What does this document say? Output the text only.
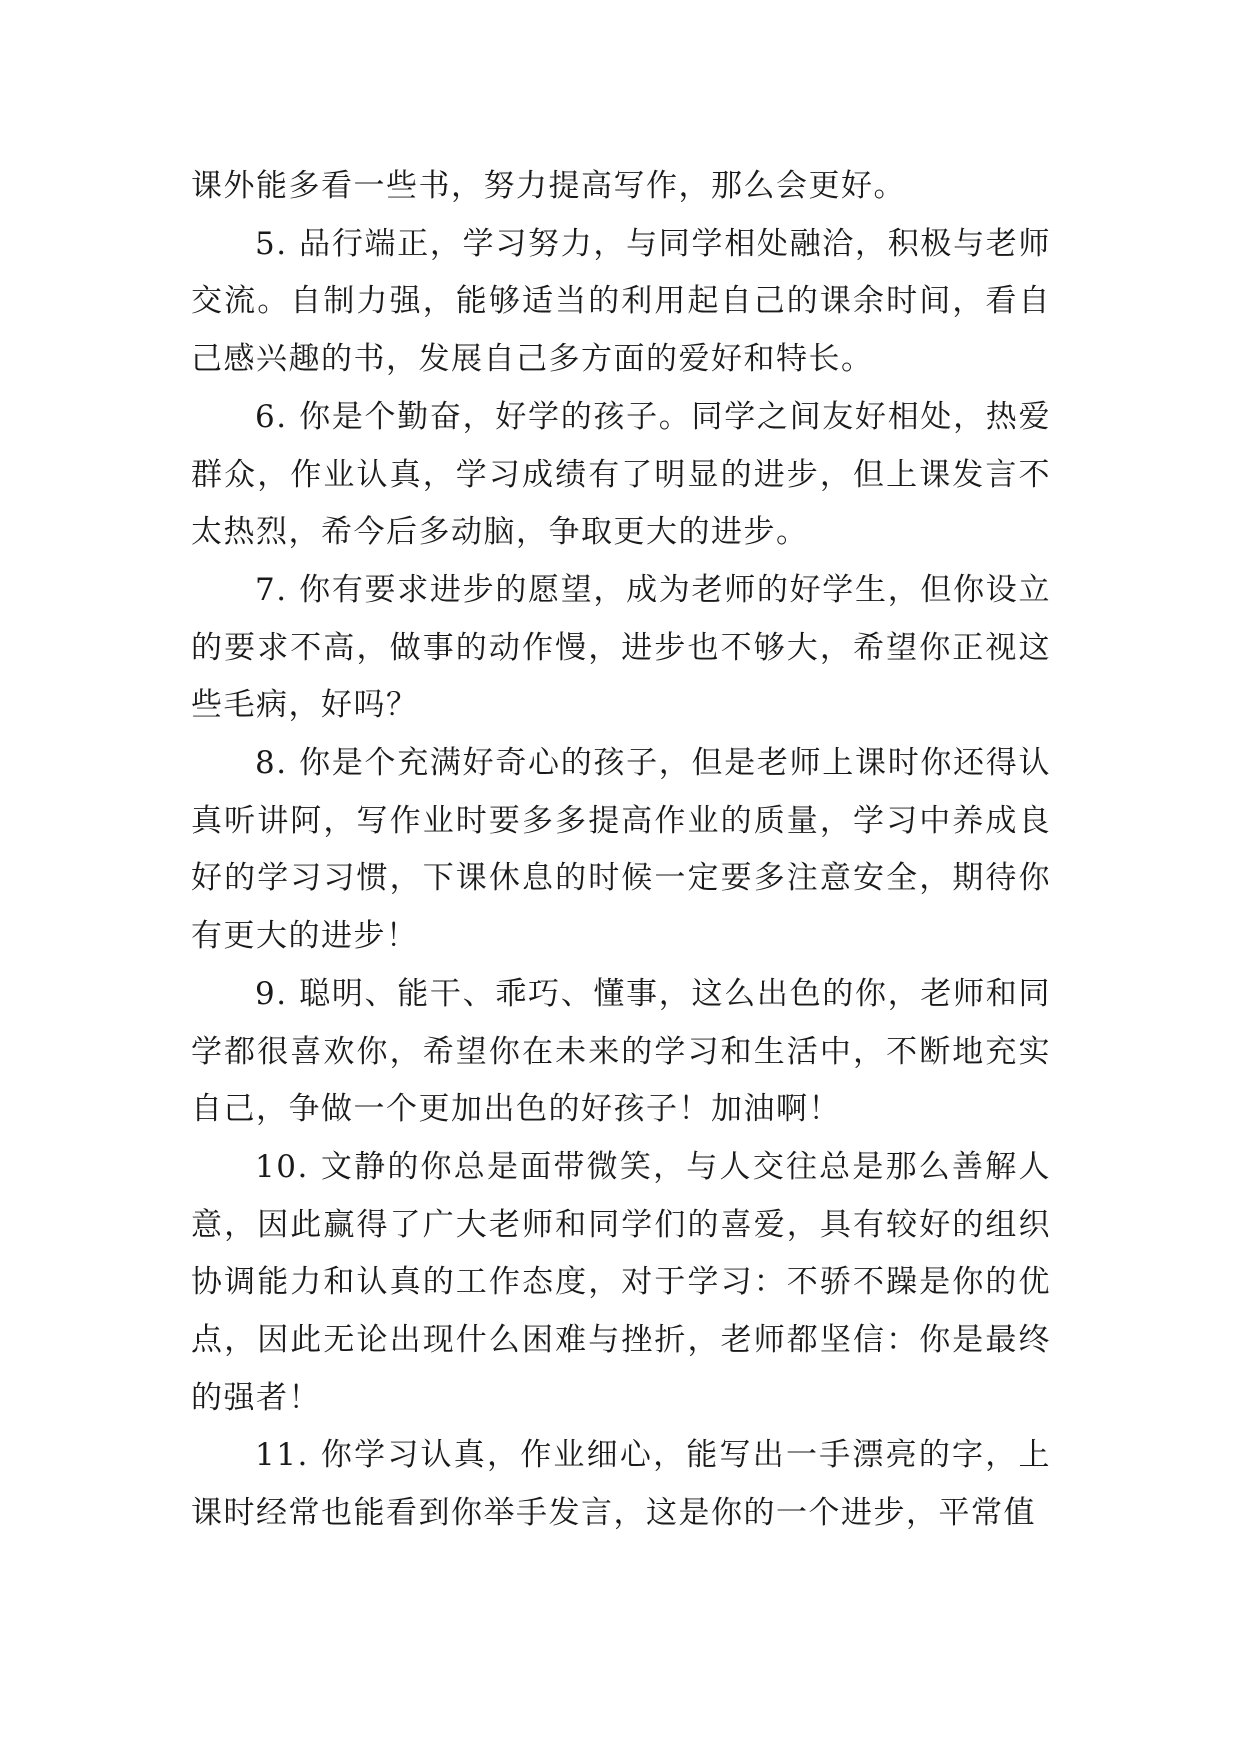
课外能多看一些书，努力提高写作，那么会更好。

5. 品行端正，学习努力，与同学相处融洽，积极与老师交流。自制力强，能够适当的利用起自己的课余时间，看自己感兴趣的书，发展自己多方面的爱好和特长。

6. 你是个勤奋，好学的孩子。同学之间友好相处，热爱群众，作业认真，学习成绩有了明显的进步，但上课发言不太热烈，希今后多动脑，争取更大的进步。

7. 你有要求进步的愿望，成为老师的好学生，但你设立的要求不高，做事的动作慢，进步也不够大，希望你正视这些毛病，好吗？

8. 你是个充满好奇心的孩子，但是老师上课时你还得认真听讲阿，写作业时要多多提高作业的质量，学习中养成良好的学习习惯，下课休息的时候一定要多注意安全，期待你有更大的进步！

9. 聪明、能干、乖巧、懂事，这么出色的你，老师和同学都很喜欢你，希望你在未来的学习和生活中，不断地充实自己，争做一个更加出色的好孩子！加油啊！

10. 文静的你总是面带微笑，与人交往总是那么善解人意，因此赢得了广大老师和同学们的喜爱，具有较好的组织协调能力和认真的工作态度，对于学习：不骄不躁是你的优点，因此无论出现什么困难与挫折，老师都坚信：你是最终的强者！

11. 你学习认真，作业细心，能写出一手漂亮的字，上课时经常也能看到你举手发言，这是你的一个进步，平常值
